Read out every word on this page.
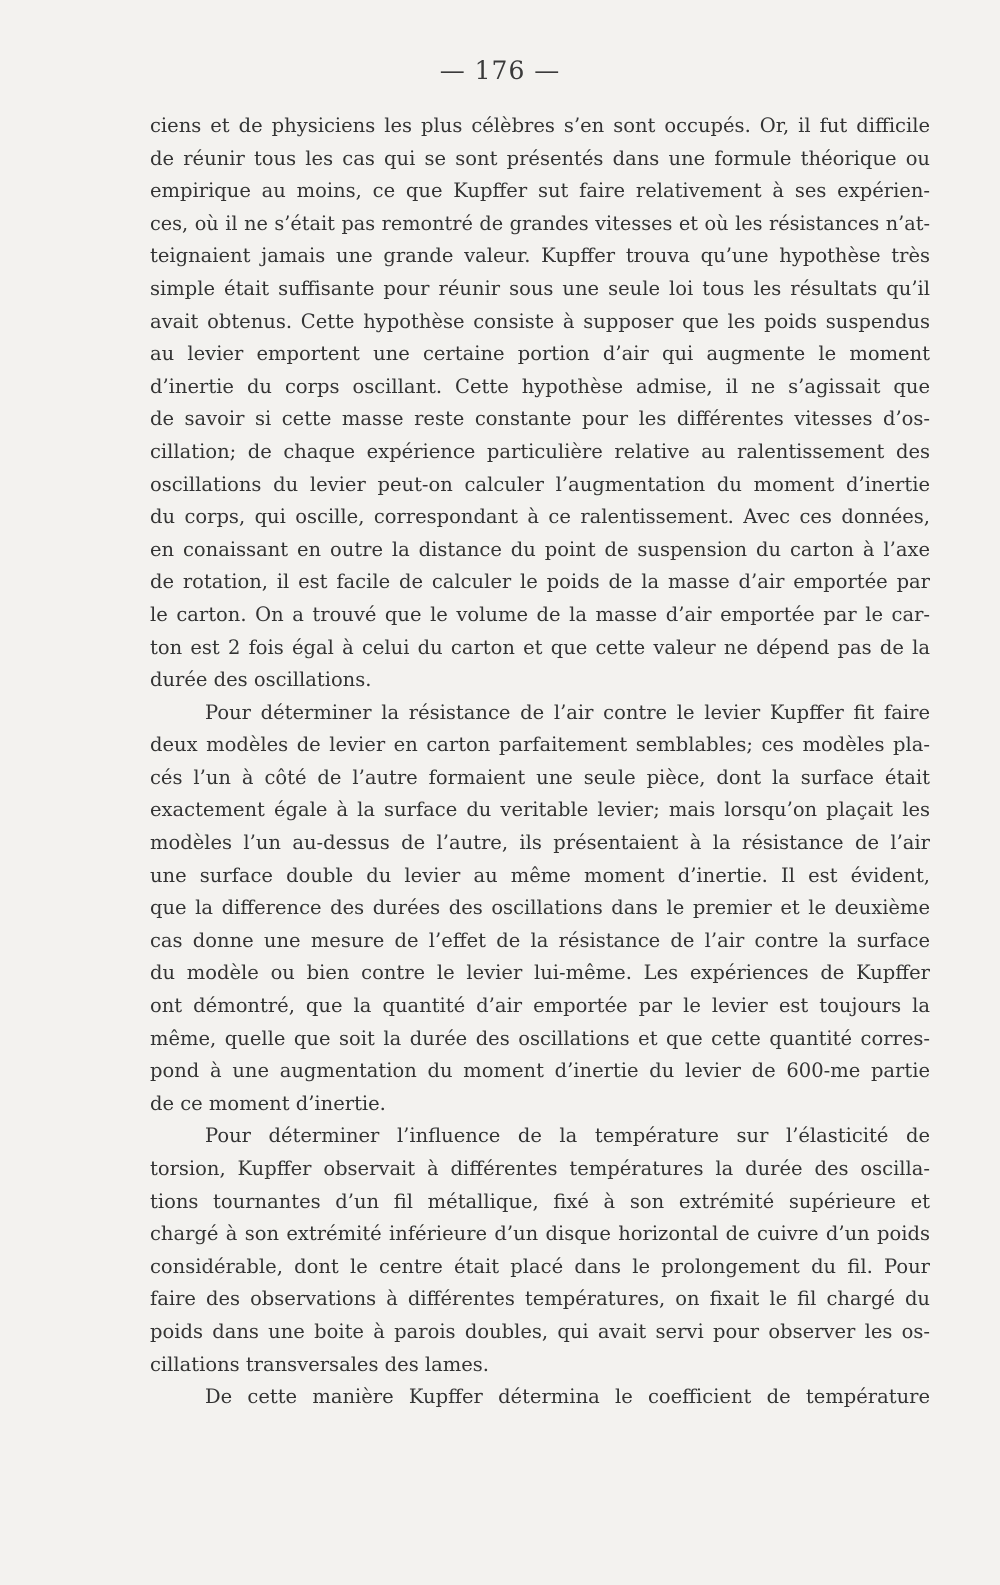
— 176 —
ciens et de physiciens les plus célèbres s’en sont occupés. Or, il fut difficile
de réunir tous les cas qui se sont présentés dans une formule théorique ou
empirique au moins, ce que Kupffer sut faire relativement à ses expérien-
ces, où il ne s’était pas remontré de grandes vitesses et où les résistances n’at-
teignaient jamais une grande valeur. Kupffer trouva qu’une hypothèse très
simple était suffisante pour réunir sous une seule loi tous les résultats qu’il
avait obtenus. Cette hypothèse consiste à supposer que les poids suspendus
au levier emportent une certaine portion d’air qui augmente le moment
d’inertie du corps oscillant. Cette hypothèse admise, il ne s’agissait que
de savoir si cette masse reste constante pour les différentes vitesses d’os-
cillation; de chaque expérience particulière relative au ralentissement des
oscillations du levier peut-on calculer l’augmentation du moment d’inertie
du corps, qui oscille, correspondant à ce ralentissement. Avec ces données,
en conaissant en outre la distance du point de suspension du carton à l’axe
de rotation, il est facile de calculer le poids de la masse d’air emportée par
le carton. On a trouvé que le volume de la masse d’air emportée par le car-
ton est 2 fois égal à celui du carton et que cette valeur ne dépend pas de la
durée des oscillations.
Pour déterminer la résistance de l’air contre le levier Kupffer fit faire
deux modèles de levier en carton parfaitement semblables; ces modèles pla-
cés l’un à côté de l’autre formaient une seule pièce, dont la surface était
exactement égale à la surface du veritable levier; mais lorsqu’on plaçait les
modèles l’un au-dessus de l’autre, ils présentaient à la résistance de l’air
une surface double du levier au même moment d’inertie. Il est évident,
que la difference des durées des oscillations dans le premier et le deuxième
cas donne une mesure de l’effet de la résistance de l’air contre la surface
du modèle ou bien contre le levier lui-même. Les expériences de Kupffer
ont démontré, que la quantité d’air emportée par le levier est toujours la
même, quelle que soit la durée des oscillations et que cette quantité corres-
pond à une augmentation du moment d’inertie du levier de 600-me partie
de ce moment d’inertie.
Pour déterminer l’influence de la température sur l’élasticité de
torsion, Kupffer observait à différentes températures la durée des oscilla-
tions tournantes d’un fil métallique, fixé à son extrémité supérieure et
chargé à son extrémité inférieure d’un disque horizontal de cuivre d’un poids
considérable, dont le centre était placé dans le prolongement du fil. Pour
faire des observations à différentes températures, on fixait le fil chargé du
poids dans une boite à parois doubles, qui avait servi pour observer les os-
cillations transversales des lames.
De cette manière Kupffer détermina le coefficient de température
